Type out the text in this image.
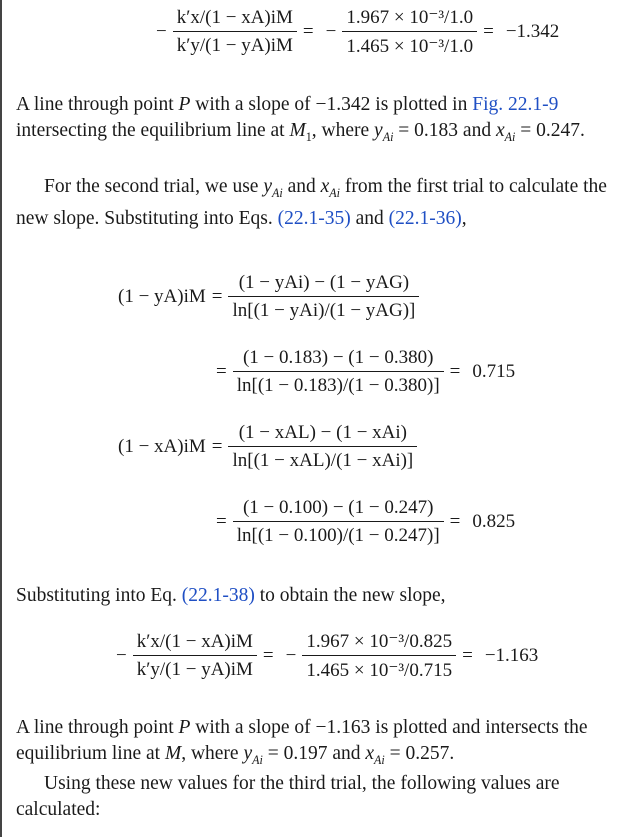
− $\frac{k'x/(1 - xA)iM}{k'y/(1 - yA)iM}$ = − $\frac{\text{1.967 × 10⁻³/1.0}}{\text{1.465 × 10⁻³/1.0}} = -1.342$

A line through point P with a slope of −1.342 is plotted in Fig. 22.1-9 intersecting the equilibrium line at $M_1$, where $y_{Ai} = 0.183$ and $x_{Ai} = 0.247$.

For the second trial, we use $y_{Ai}$ and $x_{Ai}$ from the first trial to calculate the new slope. Substituting into Eqs. (22.1-35) and (22.1-36),

$(1 - yA)iM = \frac{\text{(1 − yAi) − (1 − yAG)}}{\text{ln[(1 − yAi)/(1 − yAG)]}}$
= $\frac{(1 - 0.183) - (1 - 0.380)}{\ln[(1 - 0.183)/(1 - 0.380)]} = 0.715$
$(1 - xA)iM = \frac{\text{(1 − xAL) − (1 − xAi)}}{\text{ln[(1 − xAL)/(1 − xAi)]}}$
= $\frac{(1 - 0.100) - (1 - 0.247)}{\ln[(1 - 0.100)/(1 - 0.247)]} = 0.825$

Substituting into Eq. (22.1-38) to obtain the new slope,

− $\frac{k'x/(1 - xA)iM}{k'y/(1 - yA)iM}$ = − $\frac{\text{1.967 × 10⁻³/0.825}}{\text{1.465 × 10⁻³/0.715}} = -1.163$

A line through point P with a slope of −1.163 is plotted and intersects the equilibrium line at M, where $y_{Ai} = 0.197$ and $x_{Ai} = 0.257$.

Using these new values for the third trial, the following values are calculated:
